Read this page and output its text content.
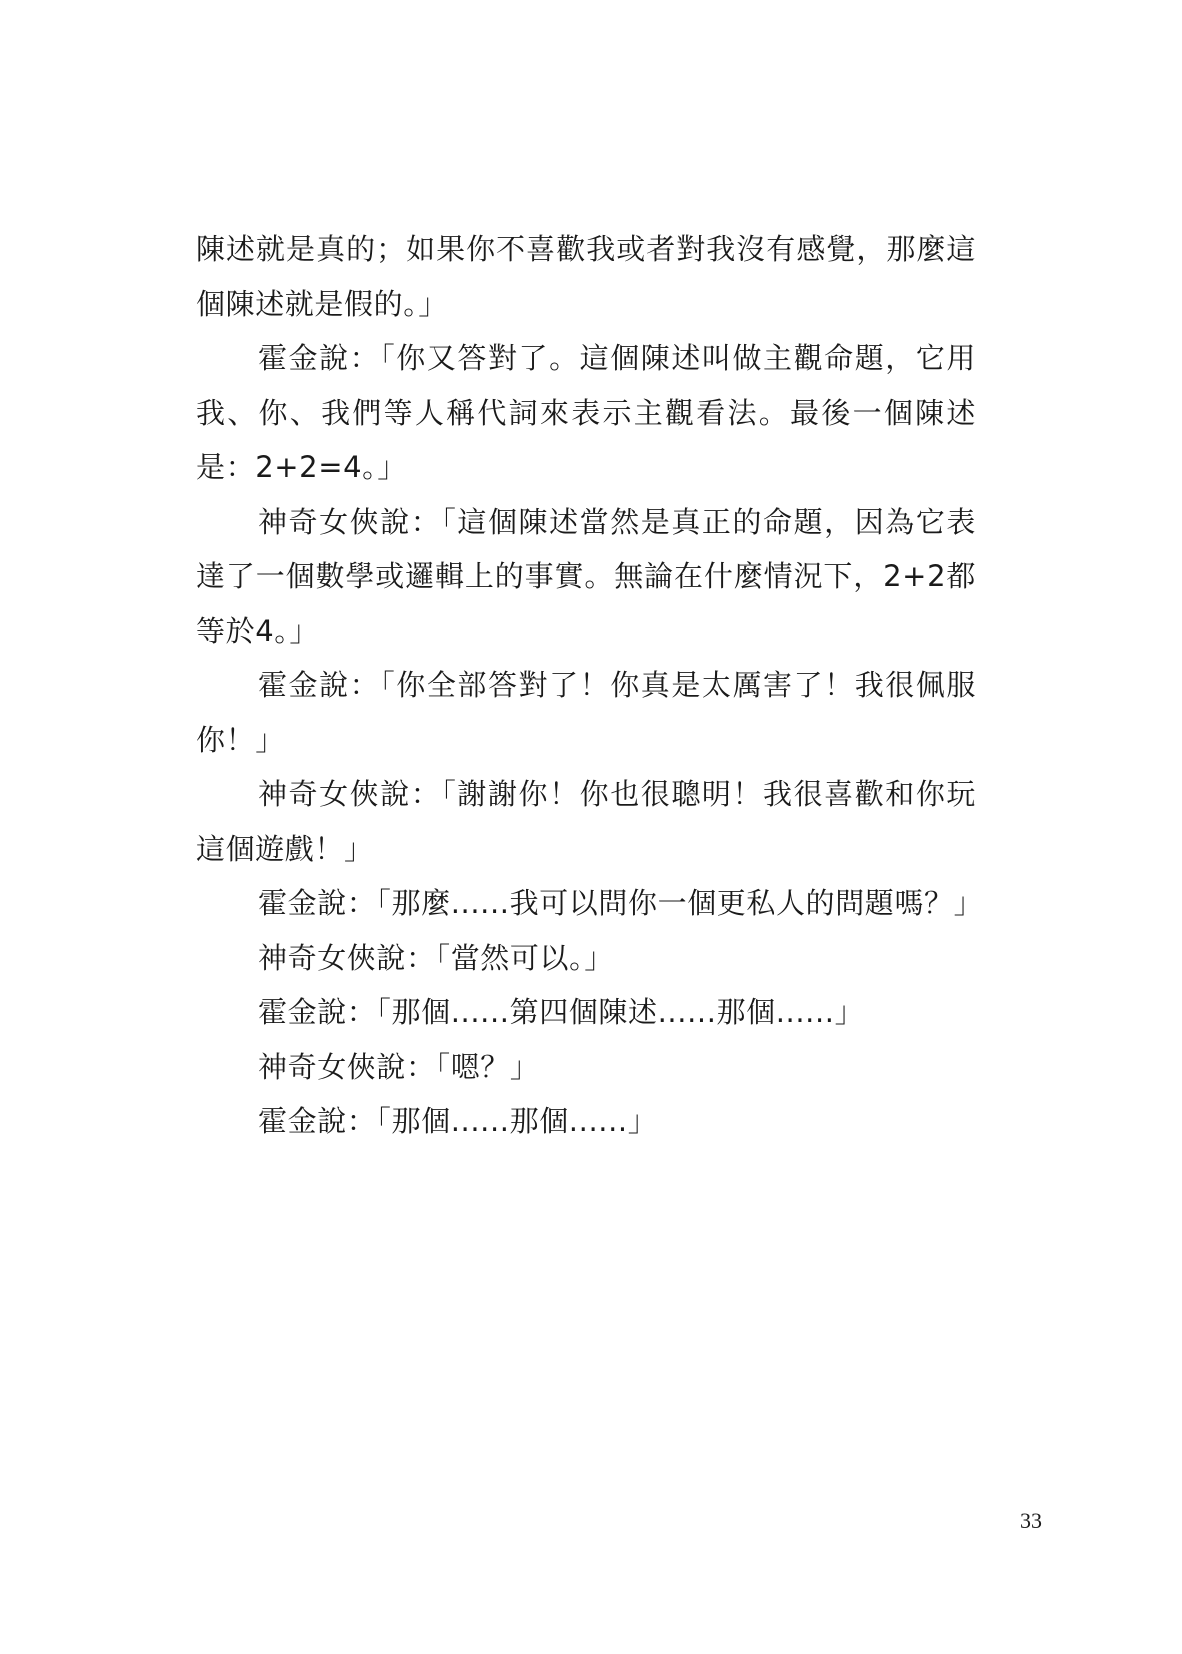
陳述就是真的；如果你不喜歡我或者對我沒有感覺，那麼這個陳述就是假的。」

霍金說：「你又答對了。這個陳述叫做主觀命題，它用我、你、我們等人稱代詞來表示主觀看法。最後一個陳述是：2+2=4。」

神奇女俠說：「這個陳述當然是真正的命題，因為它表達了一個數學或邏輯上的事實。無論在什麼情況下，2+2都等於4。」

霍金說：「你全部答對了！你真是太厲害了！我很佩服你！」

神奇女俠說：「謝謝你！你也很聰明！我很喜歡和你玩這個遊戲！」

霍金說：「那麼......我可以問你一個更私人的問題嗎？」

神奇女俠說：「當然可以。」

霍金說：「那個......第四個陳述......那個......」

神奇女俠說：「嗯？」

霍金說：「那個......那個......」

33
